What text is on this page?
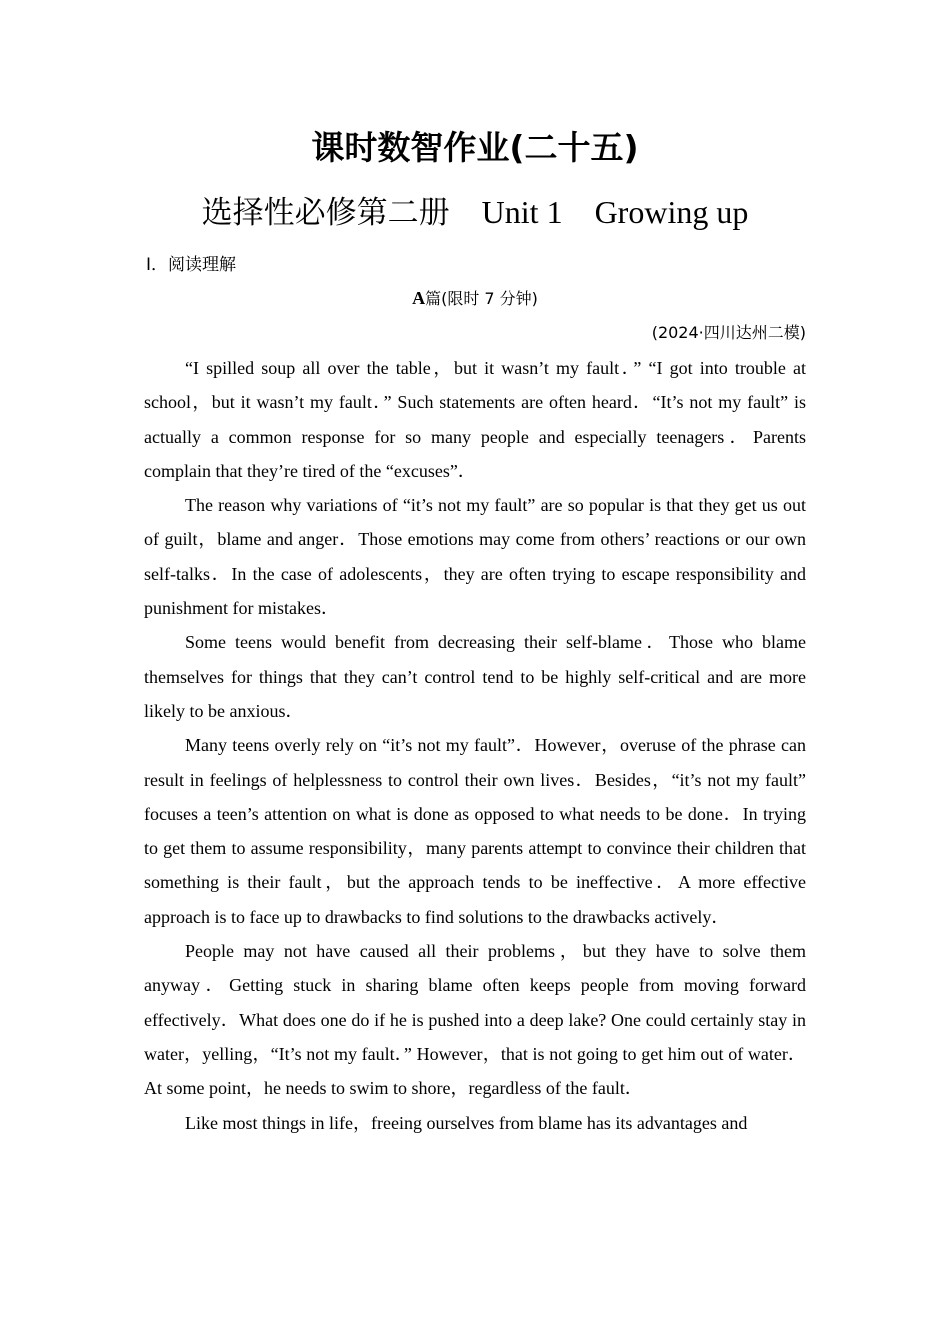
课时数智作业(二十五)
选择性必修第二册 Unit 1 Growing up
Ⅰ．阅读理解
A篇(限时 7 分钟)
(2024·四川达州二模)

“I spilled soup all over the table，but it wasn’t my fault．” “I got into trouble at school，but it wasn’t my fault．” Such statements are often heard．“It’s not my fault” is actually a common response for so many people and especially teenagers．Parents complain that they’re tired of the “excuses”．

The reason why variations of “it’s not my fault” are so popular is that they get us out of guilt，blame and anger．Those emotions may come from others’ reactions or our own self-talks．In the case of adolescents，they are often trying to escape responsibility and punishment for mistakes．

Some teens would benefit from decreasing their self-blame．Those who blame themselves for things that they can’t control tend to be highly self-critical and are more likely to be anxious．

Many teens overly rely on “it’s not my fault”．However，overuse of the phrase can result in feelings of helplessness to control their own lives．Besides，“it’s not my fault” focuses a teen’s attention on what is done as opposed to what needs to be done．In trying to get them to assume responsibility，many parents attempt to convince their children that something is their fault，but the approach tends to be ineffective．A more effective approach is to face up to drawbacks to find solutions to the drawbacks actively．

People may not have caused all their problems，but they have to solve them anyway．Getting stuck in sharing blame often keeps people from moving forward effectively．What does one do if he is pushed into a deep lake? One could certainly stay in water，yelling，“It’s not my fault．” However，that is not going to get him out of water．At some point，he needs to swim to shore，regardless of the fault．

Like most things in life，freeing ourselves from blame has its advantages and
